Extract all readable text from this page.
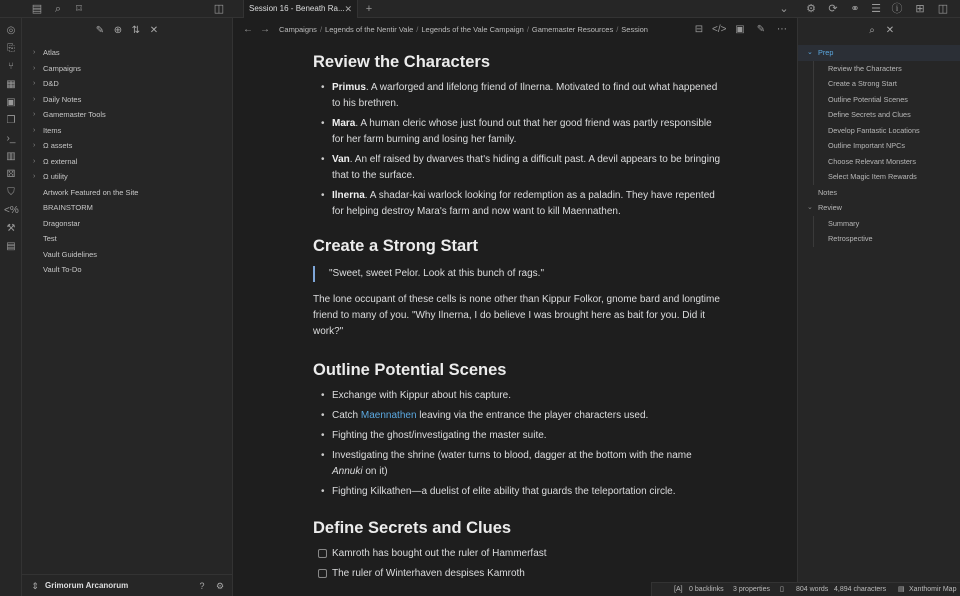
▤	⌕	⌑	◫	Session 16 - Beneath Ra... ✕	+	⌄ ⚙ ⟳ ⚭ ☰ ⓘ ⊞ ◫
◎
⎘
⑂
▦
▣
❐
›_
▥
⚄
⛉
<%
⚒
▤
✎ ⊕ ⇅ ✕
› Atlas
› Campaigns
› D&D
› Daily Notes
› Gamemaster Tools
› Items
› Ω assets
› Ω external
› Ω utility
Artwork Featured on the Site
BRAINSTORM
Dragonstar
Test
Vault Guidelines
Vault To-Do
⇕ Grimorum Arcanorum	?	⚙
← → Campaigns / Legends of the Nentir Vale / Legends of the Vale Campaign / Gamemaster Resources / Session	⊟ </> ▣ ✎ ⋯
Review the Characters
• Primus. A warforged and lifelong friend of Ilnerna. Motivated to find out what happened to his brethren.
• Mara. A human cleric whose just found out that her good friend was partly responsible for her farm burning and losing her family.
• Van. An elf raised by dwarves that's hiding a difficult past. A devil appears to be bringing that to the surface.
• Ilnerna. A shadar-kai warlock looking for redemption as a paladin. They have repented for helping destroy Mara's farm and now want to kill Maennathen.
Create a Strong Start
"Sweet, sweet Pelor. Look at this bunch of rags."

The lone occupant of these cells is none other than Kippur Folkor, gnome bard and longtime friend to many of you. "Why Ilnerna, I do believe I was brought here as bait for you. Did it work?"

Outline Potential Scenes
• Exchange with Kippur about his capture.
• Catch Maennathen leaving via the entrance the player characters used.
• Fighting the ghost/investigating the master suite.
• Investigating the shrine (water turns to blood, dagger at the bottom with the name Annuki on it)
• Fighting Kilkathen—a duelist of elite ability that guards the teleportation circle.
Define Secrets and Clues
Kamroth has bought out the ruler of Hammerfast
The ruler of Winterhaven despises Kamroth
⌕	✕
⌄ Prep
Review the Characters
Create a Strong Start
Outline Potential Scenes
Define Secrets and Clues
Develop Fantastic Locations
Outline Important NPCs
Choose Relevant Monsters
Select Magic Item Rewards
Notes
⌄ Review
Summary
Retrospective
[A] 0 backlinks 3 properties ▯ 804 words 4,894 characters ▤ Xanthomir Map
